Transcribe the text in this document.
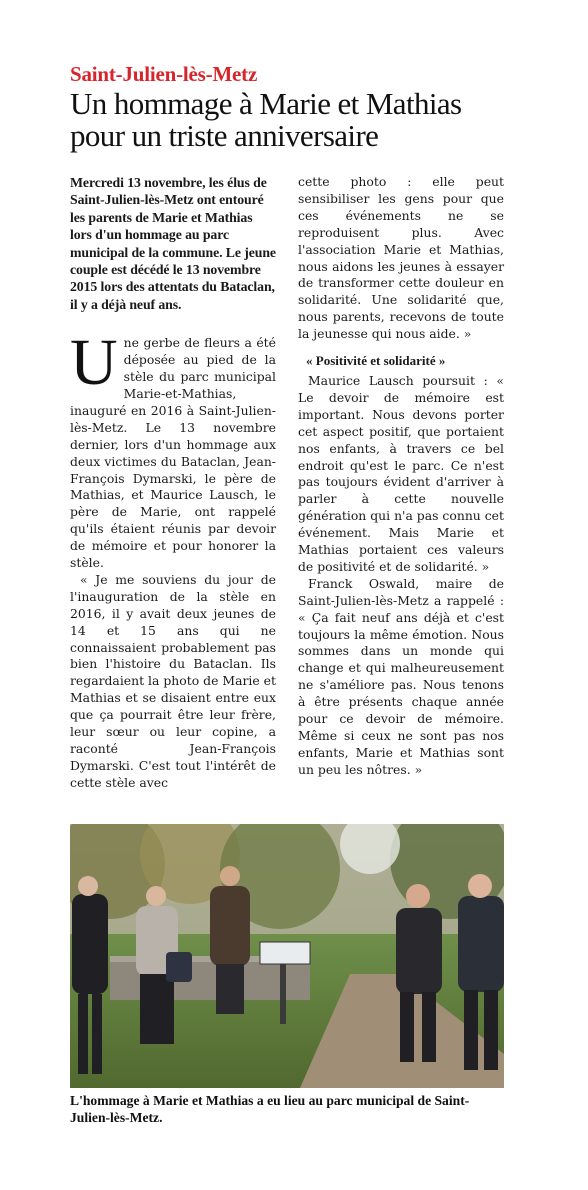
Saint-Julien-lès-Metz
Un hommage à Marie et Mathias
pour un triste anniversaire

Mercredi 13 novembre, les élus de Saint-Julien-lès-Metz ont entouré les parents de Marie et Mathias lors d'un hommage au parc municipal de la commune. Le jeune couple est décédé le 13 novembre 2015 lors des attentats du Bataclan, il y a déjà neuf ans.

U ne gerbe de fleurs a été déposée au pied de la stèle du parc municipal Marie-et-Mathias, inauguré en 2016 à Saint-Julien-lès-Metz. Le 13 novembre dernier, lors d'un hommage aux deux victimes du Bataclan, Jean-François Dymarski, le père de Mathias, et Maurice Lausch, le père de Marie, ont rappelé qu'ils étaient réunis par devoir de mémoire et pour honorer la stèle.

« Je me souviens du jour de l'inauguration de la stèle en 2016, il y avait deux jeunes de 14 et 15 ans qui ne connaissaient probablement pas bien l'histoire du Bataclan. Ils regardaient la photo de Marie et Mathias et se disaient entre eux que ça pourrait être leur frère, leur sœur ou leur copine, a raconté Jean-François Dymarski. C'est tout l'intérêt de cette stèle avec

cette photo : elle peut sensibiliser les gens pour que ces événements ne se reproduisent plus. Avec l'association Marie et Mathias, nous aidons les jeunes à essayer de transformer cette douleur en solidarité. Une solidarité que, nous parents, recevons de toute la jeunesse qui nous aide. »

« Positivité et solidarité »

Maurice Lausch poursuit : « Le devoir de mémoire est important. Nous devons porter cet aspect positif, que portaient nos enfants, à travers ce bel endroit qu'est le parc. Ce n'est pas toujours évident d'arriver à parler à cette nouvelle génération qui n'a pas connu cet événement. Mais Marie et Mathias portaient ces valeurs de positivité et de solidarité. »

Franck Oswald, maire de Saint-Julien-lès-Metz a rappelé : « Ça fait neuf ans déjà et c'est toujours la même émotion. Nous sommes dans un monde qui change et qui malheureusement ne s'améliore pas. Nous tenons à être présents chaque année pour ce devoir de mémoire. Même si ceux ne sont pas nos enfants, Marie et Mathias sont un peu les nôtres. »

L'hommage à Marie et Mathias a eu lieu au parc municipal de Saint-Julien-lès-Metz.
